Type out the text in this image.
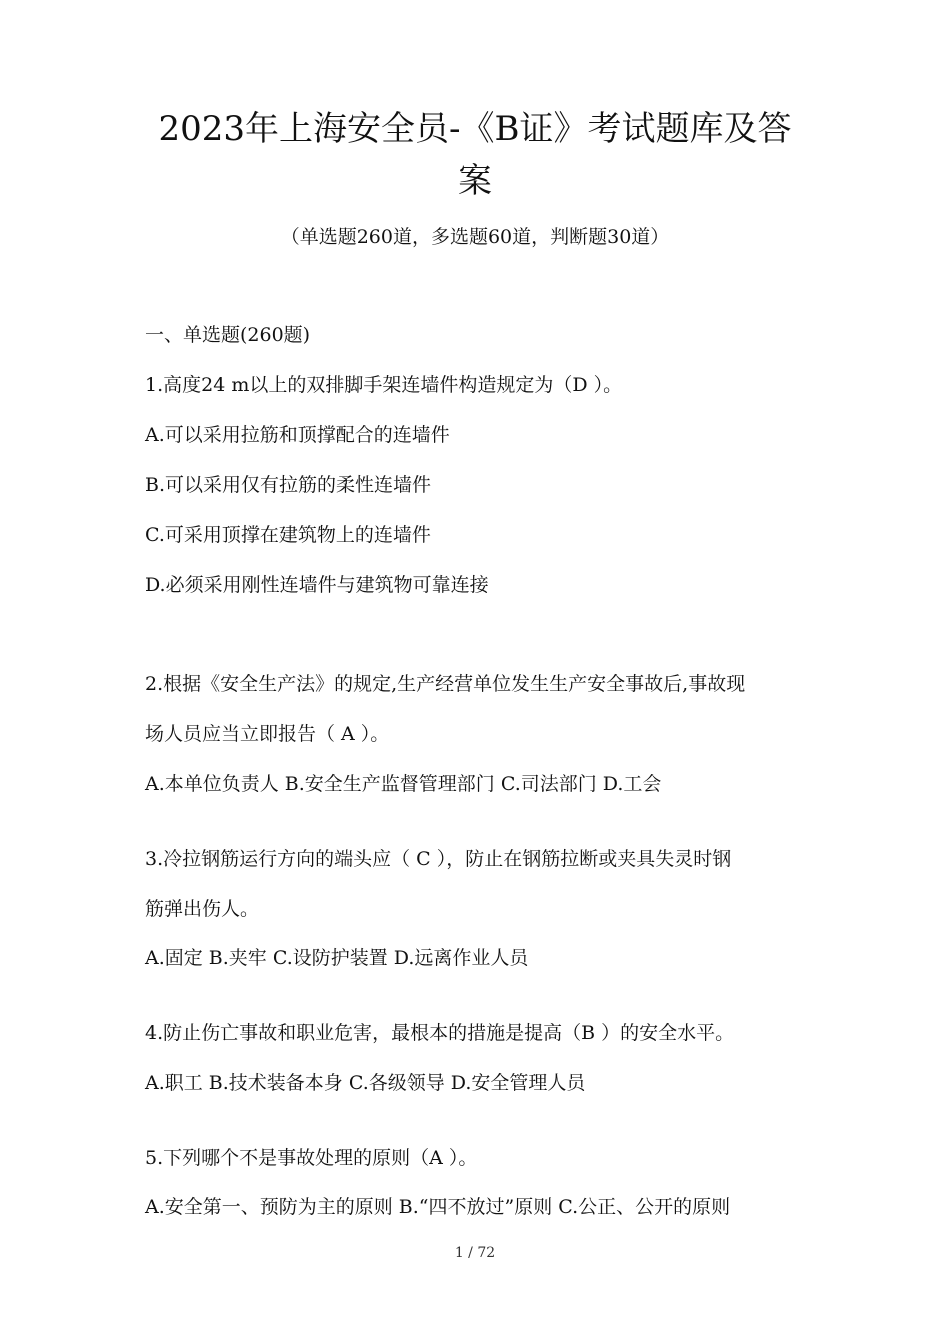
2023年上海安全员-《B证》考试题库及答
案
（单选题260道，多选题60道，判断题30道）
一、单选题(260题)
1.高度24 m以上的双排脚手架连墙件构造规定为（D ）。
A.可以采用拉筋和顶撑配合的连墙件
B.可以采用仅有拉筋的柔性连墙件
C.可采用顶撑在建筑物上的连墙件
D.必须采用刚性连墙件与建筑物可靠连接
2.根据《安全生产法》的规定,生产经营单位发生生产安全事故后,事故现
场人员应当立即报告（ A ）。
A.本单位负责人 B.安全生产监督管理部门 C.司法部门 D.工会
3.冷拉钢筋运行方向的端头应（ C ），防止在钢筋拉断或夹具失灵时钢
筋弹出伤人。
A.固定 B.夹牢 C.设防护装置 D.远离作业人员
4.防止伤亡事故和职业危害，最根本的措施是提高（B ）的安全水平。
A.职工 B.技术装备本身 C.各级领导 D.安全管理人员
5.下列哪个不是事故处理的原则（A ）。
A.安全第一、预防为主的原则 B.“四不放过”原则 C.公正、公开的原则
1 / 72
